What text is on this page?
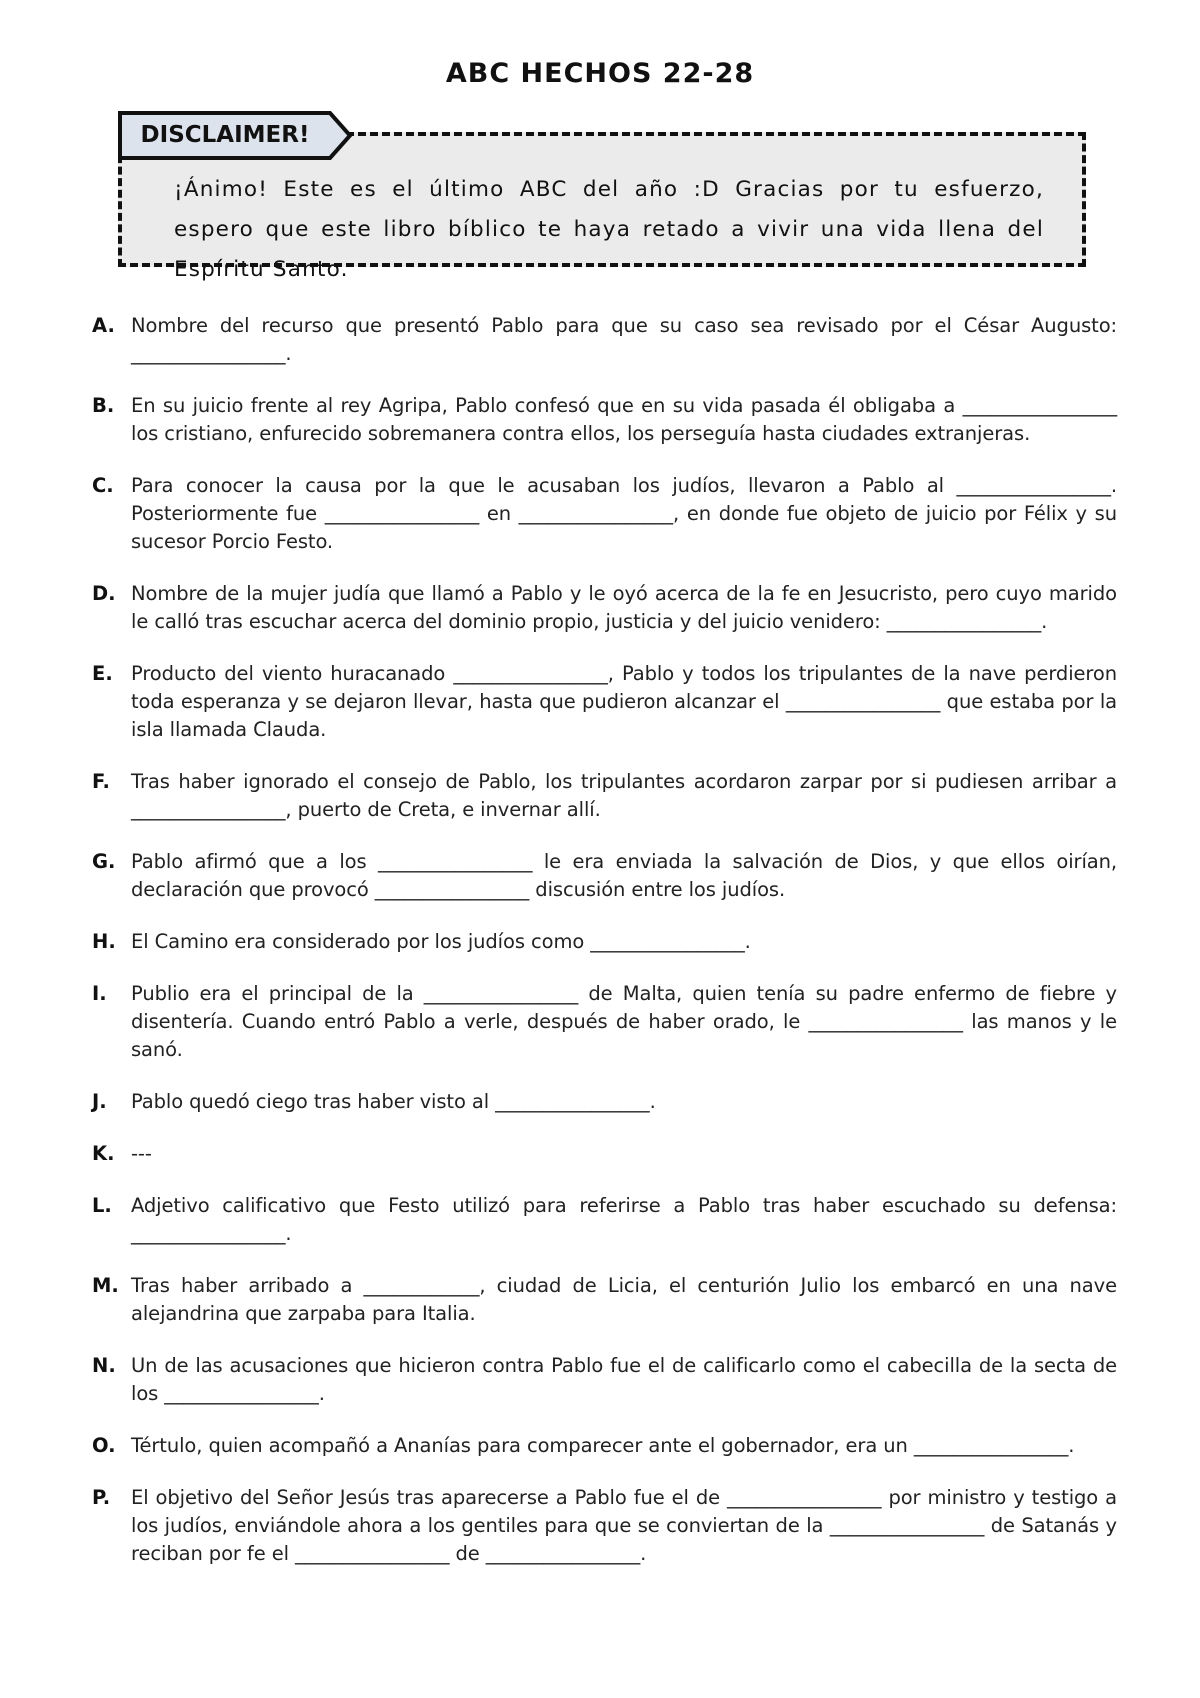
ABC HECHOS 22-28
DISCLAIMER!

¡Ánimo! Este es el último ABC del año :D Gracias por tu esfuerzo, espero que este libro bíblico te haya retado a vivir una vida llena del Espíritu Santo.

A. Nombre del recurso que presentó Pablo para que su caso sea revisado por el César Augusto: ________________.
B. En su juicio frente al rey Agripa, Pablo confesó que en su vida pasada él obligaba a ________________ los cristiano, enfurecido sobremanera contra ellos, los perseguía hasta ciudades extranjeras.
C. Para conocer la causa por la que le acusaban los judíos, llevaron a Pablo al ________________. Posteriormente fue ________________ en ________________, en donde fue objeto de juicio por Félix y su sucesor Porcio Festo.
D. Nombre de la mujer judía que llamó a Pablo y le oyó acerca de la fe en Jesucristo, pero cuyo marido le calló tras escuchar acerca del dominio propio, justicia y del juicio venidero: ________________.
E. Producto del viento huracanado ________________, Pablo y todos los tripulantes de la nave perdieron toda esperanza y se dejaron llevar, hasta que pudieron alcanzar el ________________ que estaba por la isla llamada Clauda.
F.	Tras haber ignorado el consejo de Pablo, los tripulantes acordaron zarpar por si pudiesen arribar a ________________, puerto de Creta, e invernar allí.
G. Pablo afirmó que a los ________________ le era enviada la salvación de Dios, y que ellos oirían, declaración que provocó ________________ discusión entre los judíos.
H. El Camino era considerado por los judíos como ________________.
I.	Publio era el principal de la ________________ de Malta, quien tenía su padre enfermo de fiebre y disentería. Cuando entró Pablo a verle, después de haber orado, le ________________ las manos y le sanó.
J.	Pablo quedó ciego tras haber visto al ________________.
K. ---
L. Adjetivo calificativo que Festo utilizó para referirse a Pablo tras haber escuchado su defensa: ________________.
M. Tras haber arribado a ____________, ciudad de Licia, el centurión Julio los embarcó en una nave alejandrina que zarpaba para Italia.
N. Un de las acusaciones que hicieron contra Pablo fue el de calificarlo como el cabecilla de la secta de los ________________.
O. Tértulo, quien acompañó a Ananías para comparecer ante el gobernador, era un ________________.
P.	El objetivo del Señor Jesús tras aparecerse a Pablo fue el de ________________ por ministro y testigo a los judíos, enviándole ahora a los gentiles para que se conviertan de la ________________ de Satanás y reciban por fe el ________________ de ________________.
